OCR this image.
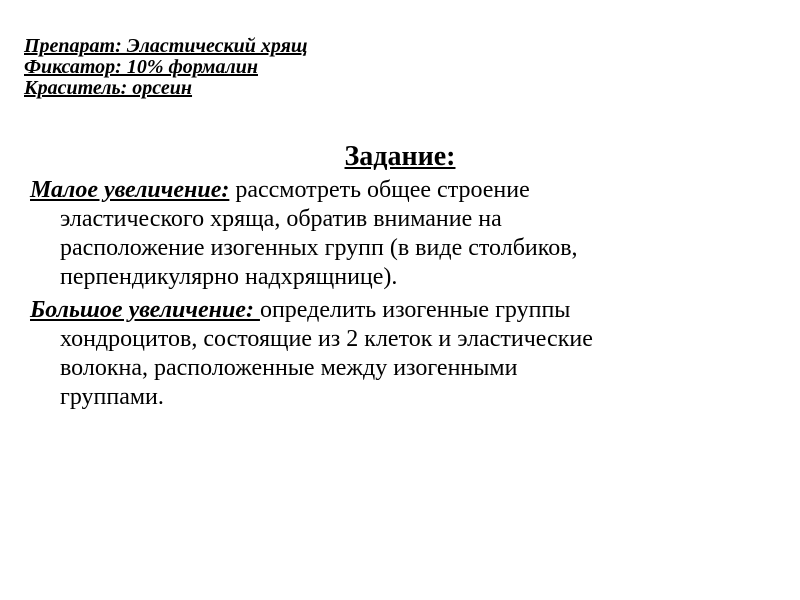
Препарат: Эластический хрящ
Фиксатор: 10% формалин
Краситель: орсеин
Задание:
Малое увеличение: рассмотреть общее строение
эластического хряща, обратив внимание на
расположение изогенных групп (в виде столбиков,
перпендикулярно надхрящнице).
Большое увеличение: определить изогенные группы
хондроцитов, состоящие из 2 клеток и эластические
волокна, расположенные между изогенными
группами.
